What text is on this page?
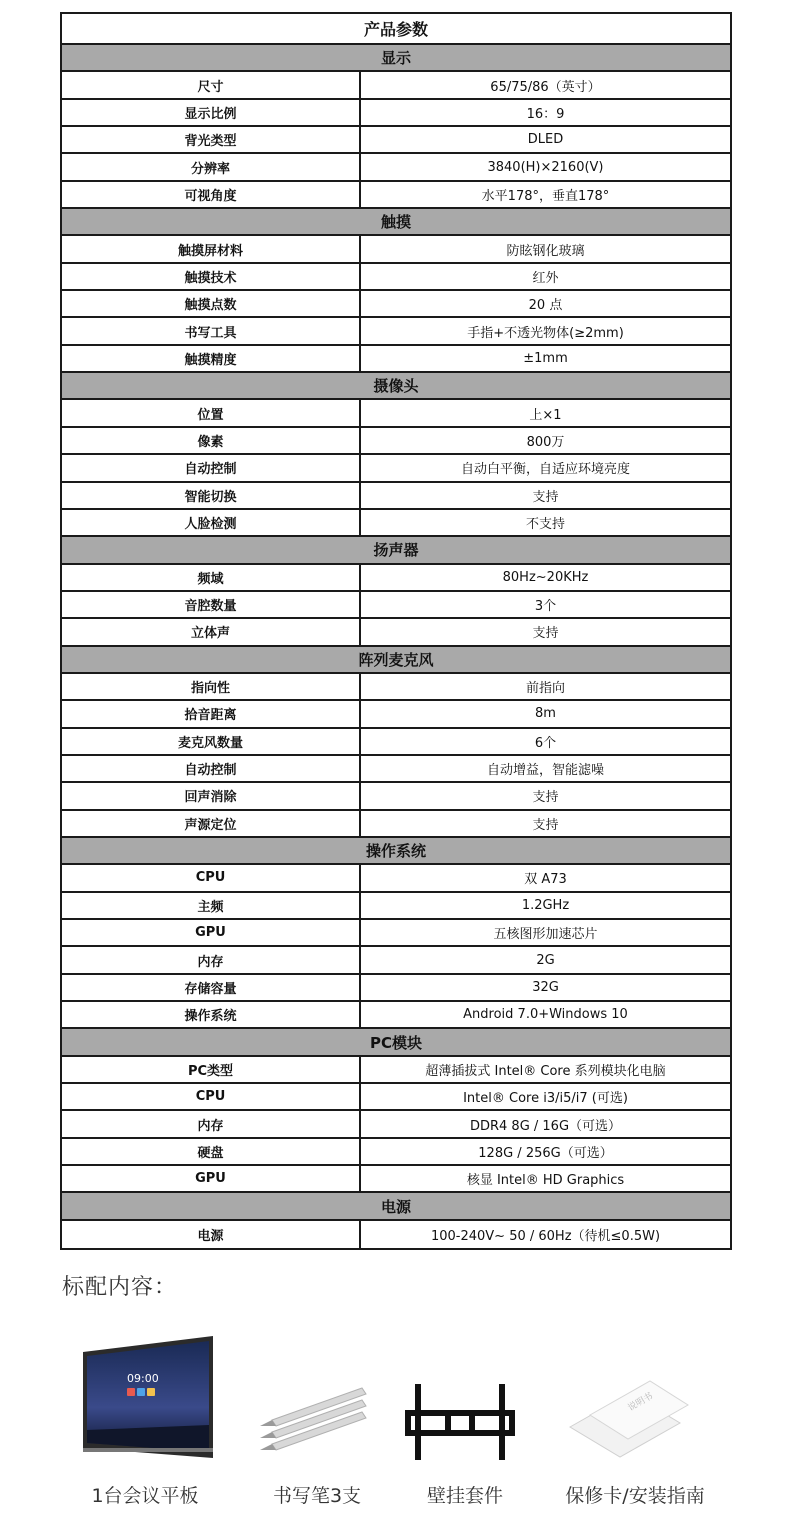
产品参数
显示
尺寸	65/75/86（英寸）
显示比例	16：9
背光类型	DLED
分辨率	3840(H)×2160(V)
可视角度	水平178°，垂直178°
触摸
触摸屏材料	防眩钢化玻璃
触摸技术	红外
触摸点数	20 点
书写工具	手指+不透光物体(≥2mm)
触摸精度	±1mm
摄像头
位置	上×1
像素	800万
自动控制	自动白平衡，自适应环境亮度
智能切换	支持
人脸检测	不支持
扬声器
频域	80Hz~20KHz
音腔数量	3个
立体声	支持
阵列麦克风
指向性	前指向
拾音距离	8m
麦克风数量	6个
自动控制	自动增益，智能滤噪
回声消除	支持
声源定位	支持
操作系统
CPU	双 A73
主频	1.2GHz
GPU	五核图形加速芯片
内存	2G
存储容量	32G
操作系统	Android 7.0+Windows 10
PC模块
PC类型	超薄插拔式 Intel® Core 系列模块化电脑
CPU	Intel® Core i3/i5/i7 (可选)
内存	DDR4 8G / 16G（可选）
硬盘	128G / 256G（可选）
GPU	核显 Intel® HD Graphics
电源
电源	100-240V~ 50 / 60Hz（待机≤0.5W)
标配内容：
09:00
1台会议平板	书写笔3支	壁挂套件
说明书
保修卡/安装指南
